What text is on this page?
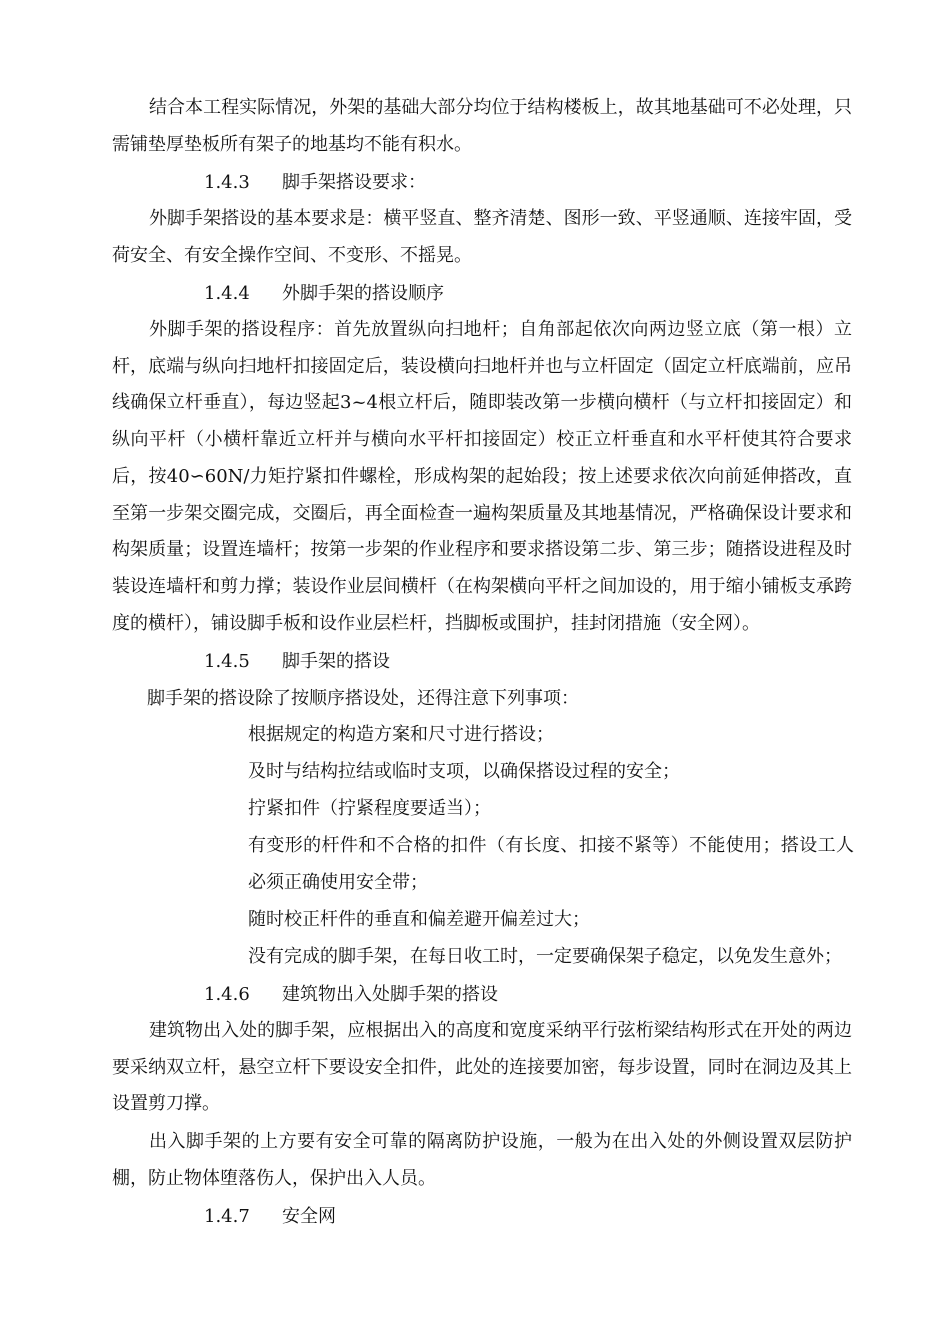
结合本工程实际情况，外架的基础大部分均位于结构楼板上，故其地基础可不必处理，只需铺垫厚垫板所有架子的地基均不能有积水。

1.4.3 脚手架搭设要求：

外脚手架搭设的基本要求是：横平竖直、整齐清楚、图形一致、平竖通顺、连接牢固，受荷安全、有安全操作空间、不变形、不摇晃。

1.4.4 外脚手架的搭设顺序

外脚手架的搭设程序：首先放置纵向扫地杆；自角部起依次向两边竖立底（第一根）立杆，底端与纵向扫地杆扣接固定后，装设横向扫地杆并也与立杆固定（固定立杆底端前，应吊线确保立杆垂直），每边竖起3~4根立杆后，随即装改第一步横向横杆（与立杆扣接固定）和纵向平杆（小横杆靠近立杆并与横向水平杆扣接固定）校正立杆垂直和水平杆使其符合要求后，按40∽60N/力矩拧紧扣件螺栓，形成构架的起始段；按上述要求依次向前延伸搭改，直至第一步架交圈完成，交圈后，再全面检查一遍构架质量及其地基情况，严格确保设计要求和构架质量；设置连墙杆；按第一步架的作业程序和要求搭设第二步、第三步；随搭设进程及时装设连墙杆和剪力撑；装设作业层间横杆（在构架横向平杆之间加设的，用于缩小铺板支承跨度的横杆），铺设脚手板和设作业层栏杆，挡脚板或围护，挂封闭措施（安全网）。

1.4.5 脚手架的搭设

脚手架的搭设除了按顺序搭设处，还得注意下列事项：

根据规定的构造方案和尺寸进行搭设；

及时与结构拉结或临时支项，以确保搭设过程的安全；

拧紧扣件（拧紧程度要适当）；

有变形的杆件和不合格的扣件（有长度、扣接不紧等）不能使用；搭设工人必须正确使用安全带；

随时校正杆件的垂直和偏差避开偏差过大；

没有完成的脚手架，在每日收工时，一定要确保架子稳定，以免发生意外；

1.4.6 建筑物出入处脚手架的搭设

建筑物出入处的脚手架，应根据出入的高度和宽度采纳平行弦桁梁结构形式在开处的两边要采纳双立杆，悬空立杆下要设安全扣件，此处的连接要加密，每步设置，同时在洞边及其上设置剪刀撑。

出入脚手架的上方要有安全可靠的隔离防护设施，一般为在出入处的外侧设置双层防护棚，防止物体堕落伤人，保护出入人员。

1.4.7 安全网
